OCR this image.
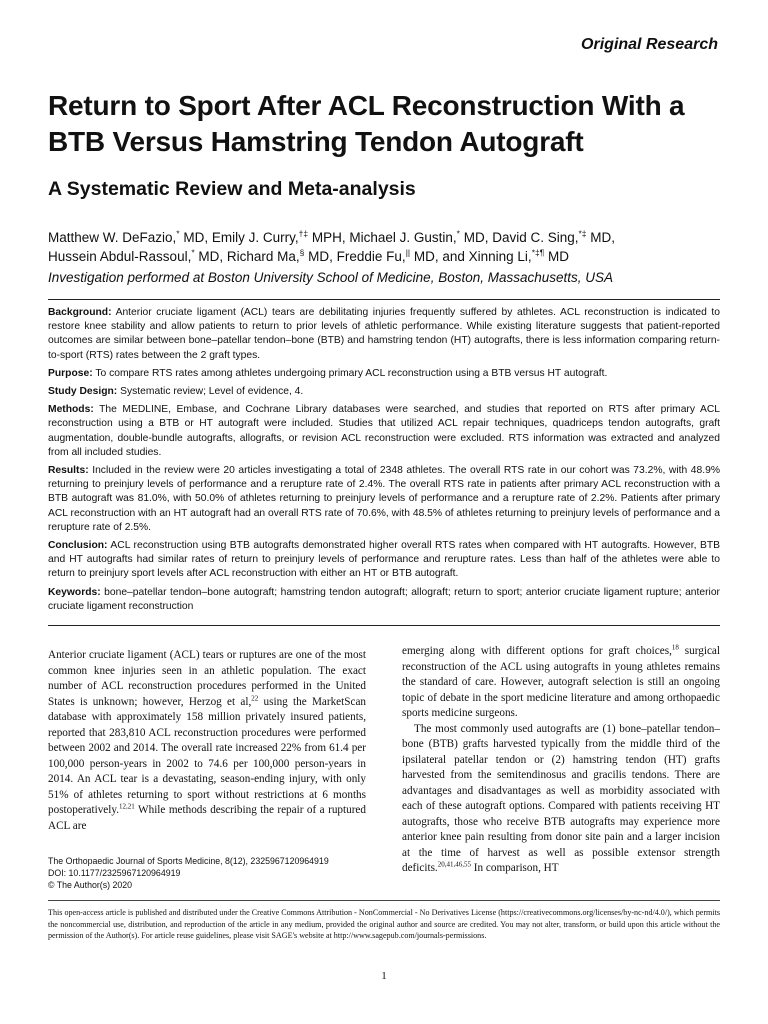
Original Research
Return to Sport After ACL Reconstruction With a BTB Versus Hamstring Tendon Autograft
A Systematic Review and Meta-analysis
Matthew W. DeFazio,* MD, Emily J. Curry,†‡ MPH, Michael J. Gustin,* MD, David C. Sing,*‡ MD,
Hussein Abdul-Rassoul,* MD, Richard Ma,§ MD, Freddie Fu,|| MD, and Xinning Li,*‡¶ MD
Investigation performed at Boston University School of Medicine, Boston, Massachusetts, USA

Background: Anterior cruciate ligament (ACL) tears are debilitating injuries frequently suffered by athletes. ACL reconstruction is indicated to restore knee stability and allow patients to return to prior levels of athletic performance. While existing literature suggests that patient-reported outcomes are similar between bone–patellar tendon–bone (BTB) and hamstring tendon (HT) autografts, there is less information comparing return-to-sport (RTS) rates between the 2 graft types.

Purpose: To compare RTS rates among athletes undergoing primary ACL reconstruction using a BTB versus HT autograft.

Study Design: Systematic review; Level of evidence, 4.

Methods: The MEDLINE, Embase, and Cochrane Library databases were searched, and studies that reported on RTS after primary ACL reconstruction using a BTB or HT autograft were included. Studies that utilized ACL repair techniques, quadriceps tendon autografts, graft augmentation, double-bundle autografts, allografts, or revision ACL reconstruction were excluded. RTS information was extracted and analyzed from all included studies.

Results: Included in the review were 20 articles investigating a total of 2348 athletes. The overall RTS rate in our cohort was 73.2%, with 48.9% returning to preinjury levels of performance and a rerupture rate of 2.4%. The overall RTS rate in patients after primary ACL reconstruction with a BTB autograft was 81.0%, with 50.0% of athletes returning to preinjury levels of performance and a rerupture rate of 2.2%. Patients after primary ACL reconstruction with an HT autograft had an overall RTS rate of 70.6%, with 48.5% of athletes returning to preinjury levels of performance and a rerupture rate of 2.5%.

Conclusion: ACL reconstruction using BTB autografts demonstrated higher overall RTS rates when compared with HT autografts. However, BTB and HT autografts had similar rates of return to preinjury levels of performance and rerupture rates. Less than half of the athletes were able to return to preinjury sport levels after ACL reconstruction with either an HT or BTB autograft.

Keywords: bone–patellar tendon–bone autograft; hamstring tendon autograft; allograft; return to sport; anterior cruciate ligament rupture; anterior cruciate ligament reconstruction

Anterior cruciate ligament (ACL) tears or ruptures are one of the most common knee injuries seen in an athletic population. The exact number of ACL reconstruction procedures performed in the United States is unknown; however, Herzog et al,$^{22}$ using the MarketScan database with approximately 158 million privately insured patients, reported that 283,810 ACL reconstruction procedures were performed between 2002 and 2014. The overall rate increased 22% from 61.4 per 100,000 person-years in 2002 to 74.6 per 100,000 person-years in 2014. An ACL tear is a devastating, season-ending injury, with only 51% of athletes returning to sport without restrictions at 6 months postoperatively.$^{12,21}$ While methods describing the repair of a ruptured ACL are

emerging along with different options for graft choices,$^{18}$ surgical reconstruction of the ACL using autografts in young athletes remains the standard of care. However, autograft selection is still an ongoing topic of debate in the sport medicine literature and among orthopaedic sports medicine surgeons.

The most commonly used autografts are (1) bone–patellar tendon–bone (BTB) grafts harvested typically from the middle third of the ipsilateral patellar tendon or (2) hamstring tendon (HT) grafts harvested from the semitendinosus and gracilis tendons. There are advantages and disadvantages as well as morbidity associated with each of these autograft options. Compared with patients receiving HT autografts, those who receive BTB autografts may experience more anterior knee pain resulting from donor site pain and a larger incision at the time of harvest as well as possible extensor strength deficits.$^{20,41,46,55}$ In comparison, HT

The Orthopaedic Journal of Sports Medicine, 8(12), 2325967120964919
DOI: 10.1177/2325967120964919
© The Author(s) 2020
This open-access article is published and distributed under the Creative Commons Attribution - NonCommercial - No Derivatives License (https://creativecommons.org/licenses/by-nc-nd/4.0/), which permits the noncommercial use, distribution, and reproduction of the article in any medium, provided the original author and source are credited. You may not alter, transform, or build upon this article without the permission of the Author(s). For article reuse guidelines, please visit SAGE's website at http://www.sagepub.com/journals-permissions.
1
